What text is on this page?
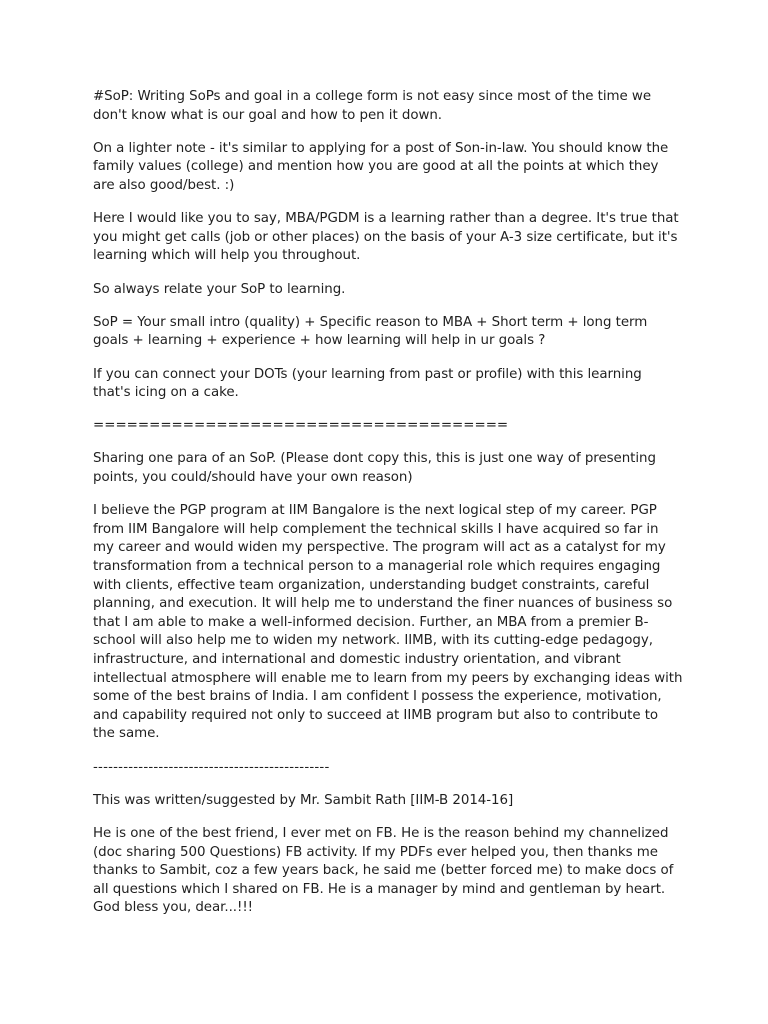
#SoP: Writing SoPs and goal in a college form is not easy since most of the time we don't know what is our goal and how to pen it down.

On a lighter note - it's similar to applying for a post of Son-in-law. You should know the family values (college) and mention how you are good at all the points at which they are also good/best. :)

Here I would like you to say, MBA/PGDM is a learning rather than a degree. It's true that you might get calls (job or other places) on the basis of your A-3 size certificate, but it's learning which will help you throughout.

So always relate your SoP to learning.

SoP = Your small intro (quality) + Specific reason to MBA + Short term + long term goals + learning + experience + how learning will help in ur goals ?

If you can connect your DOTs (your learning from past or profile) with this learning that's icing on a cake.

=====================================

Sharing one para of an SoP. (Please dont copy this, this is just one way of presenting points, you could/should have your own reason)

I believe the PGP program at IIM Bangalore is the next logical step of my career. PGP from IIM Bangalore will help complement the technical skills I have acquired so far in my career and would widen my perspective. The program will act as a catalyst for my transformation from a technical person to a managerial role which requires engaging with clients, effective team organization, understanding budget constraints, careful planning, and execution. It will help me to understand the finer nuances of business so that I am able to make a well-informed decision. Further, an MBA from a premier B-school will also help me to widen my network. IIMB, with its cutting-edge pedagogy, infrastructure, and international and domestic industry orientation, and vibrant intellectual atmosphere will enable me to learn from my peers by exchanging ideas with some of the best brains of India. I am confident I possess the experience, motivation, and capability required not only to succeed at IIMB program but also to contribute to the same.

-----------------------------------------------

This was written/suggested by Mr. Sambit Rath [IIM-B 2014-16]

He is one of the best friend, I ever met on FB. He is the reason behind my channelized (doc sharing 500 Questions) FB activity. If my PDFs ever helped you, then thanks me thanks to Sambit, coz a few years back, he said me (better forced me) to make docs of all questions which I shared on FB. He is a manager by mind and gentleman by heart. God bless you, dear...!!!
